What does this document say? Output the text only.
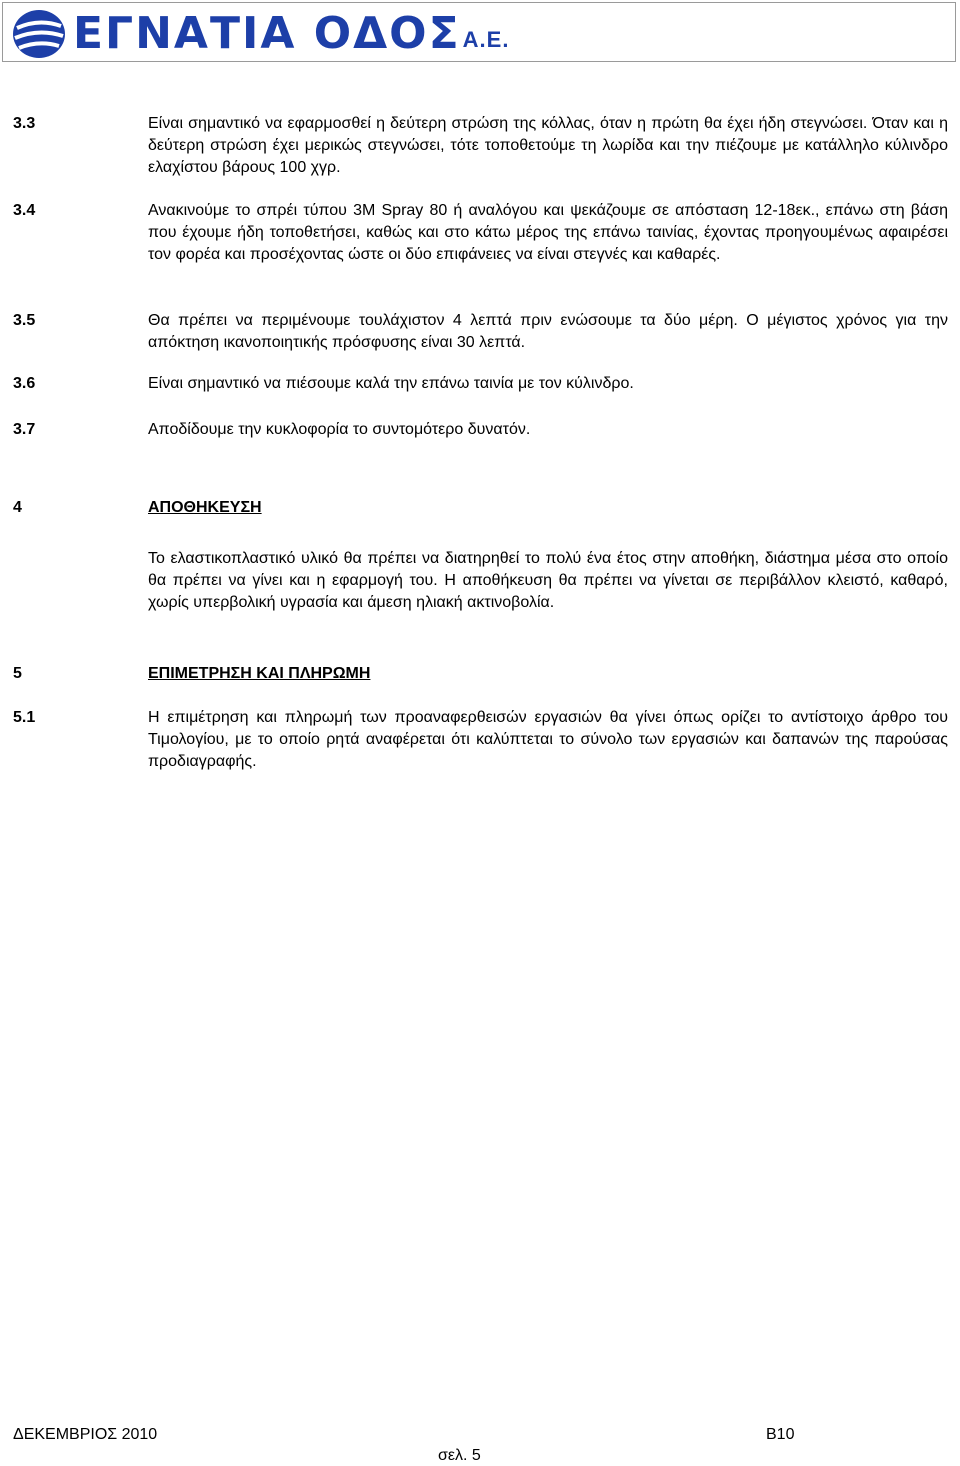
ΕΓΝΑΤΙΑ ΟΔΟΣ Α.Ε.
3.3	Είναι σημαντικό να εφαρμοσθεί η δεύτερη στρώση της κόλλας, όταν η πρώτη θα έχει ήδη στεγνώσει. Όταν και η δεύτερη στρώση έχει μερικώς στεγνώσει, τότε τοποθετούμε τη λωρίδα και την πιέζουμε με κατάλληλο κύλινδρο ελαχίστου βάρους 100 χγρ.
3.4	Ανακινούμε το σπρέι τύπου 3M Spray 80 ή αναλόγου και ψεκάζουμε σε απόσταση 12-18εκ., επάνω στη βάση που έχουμε ήδη τοποθετήσει, καθώς και στο κάτω μέρος της επάνω ταινίας, έχοντας προηγουμένως αφαιρέσει τον φορέα και προσέχοντας ώστε οι δύο επιφάνειες να είναι στεγνές και καθαρές.
3.5	Θα πρέπει να περιμένουμε τουλάχιστον 4 λεπτά πριν ενώσουμε τα δύο μέρη. Ο μέγιστος χρόνος για την απόκτηση ικανοποιητικής πρόσφυσης είναι 30 λεπτά.
3.6	Είναι σημαντικό να πιέσουμε καλά την επάνω ταινία με τον κύλινδρο.
3.7	Αποδίδουμε την κυκλοφορία το συντομότερο δυνατόν.
4	ΑΠΟΘΗΚΕΥΣΗ
Το ελαστικοπλαστικό υλικό θα πρέπει να διατηρηθεί το πολύ ένα έτος στην αποθήκη, διάστημα μέσα στο οποίο θα πρέπει να γίνει και η εφαρμογή του. Η αποθήκευση θα πρέπει να γίνεται σε περιβάλλον κλειστό, καθαρό, χωρίς υπερβολική υγρασία και άμεση ηλιακή ακτινοβολία.
5	ΕΠΙΜΕΤΡΗΣΗ ΚΑΙ ΠΛΗΡΩΜΗ
5.1	Η επιμέτρηση και πληρωμή των προαναφερθεισών εργασιών θα γίνει όπως ορίζει το αντίστοιχο άρθρο του Τιμολογίου, με το οποίο ρητά αναφέρεται ότι καλύπτεται το σύνολο των εργασιών και δαπανών της παρούσας προδιαγραφής.
ΔΕΚΕΜΒΡΙΟΣ 2010	Β10
σελ. 5
